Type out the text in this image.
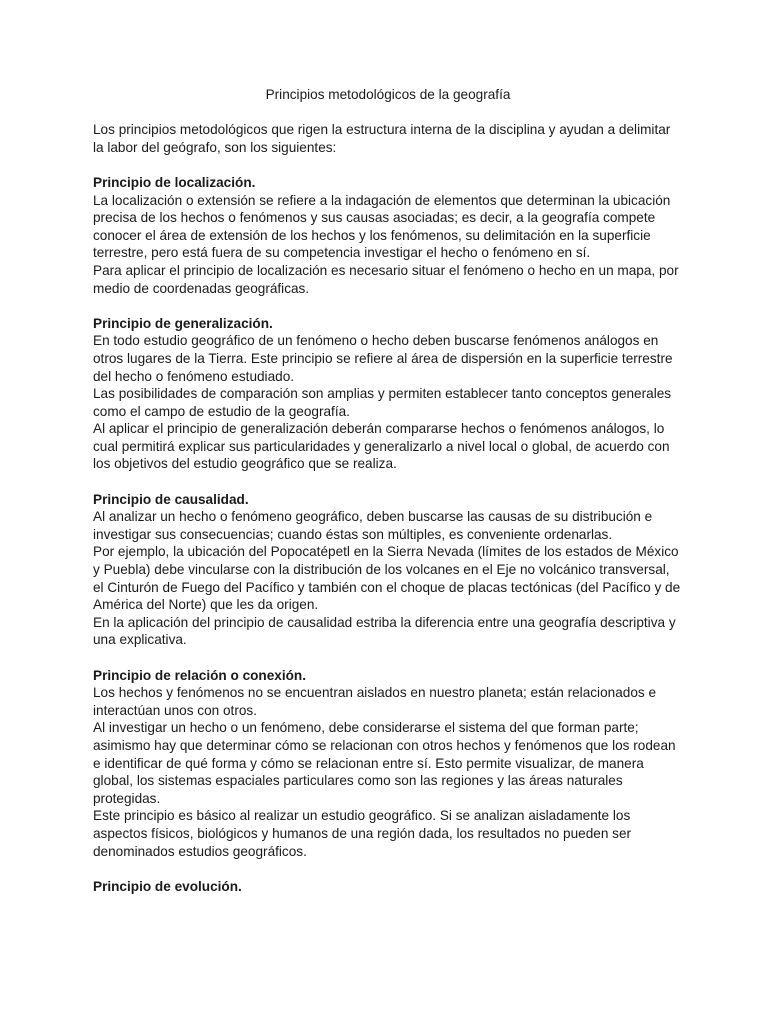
Principios metodológicos de la geografía
Los principios metodológicos que rigen la estructura interna de la disciplina y ayudan a delimitar la labor del geógrafo, son los siguientes:
Principio de localización.
La localización o extensión se refiere a la indagación de elementos que determinan la ubicación precisa de los hechos o fenómenos y sus causas asociadas; es decir, a la geografía compete conocer el área de extensión de los hechos y los fenómenos, su delimitación en la superficie terrestre, pero está fuera de su competencia investigar el hecho o fenómeno en sí.
Para aplicar el principio de localización es necesario situar el fenómeno o hecho en un mapa, por medio de coordenadas geográficas.
Principio de generalización.
En todo estudio geográfico de un fenómeno o hecho deben buscarse fenómenos análogos en otros lugares de la Tierra. Este principio se refiere al área de dispersión en la superficie terrestre del hecho o fenómeno estudiado.
Las posibilidades de comparación son amplias y permiten establecer tanto conceptos generales como el campo de estudio de la geografía.
Al aplicar el principio de generalización deberán compararse hechos o fenómenos análogos, lo cual permitirá explicar sus particularidades y generalizarlo a nivel local o global, de acuerdo con los objetivos del estudio geográfico que se realiza.
Principio de causalidad.
Al analizar un hecho o fenómeno geográfico, deben buscarse las causas de su distribución e investigar sus consecuencias; cuando éstas son múltiples, es conveniente ordenarlas.
Por ejemplo, la ubicación del Popocatépetl en la Sierra Nevada (límites de los estados de México y Puebla) debe vincularse con la distribución de los volcanes en el Eje no volcánico transversal, el Cinturón de Fuego del Pacífico y también con el choque de placas tectónicas (del Pacífico y de América del Norte) que les da origen.
En la aplicación del principio de causalidad estriba la diferencia entre una geografía descriptiva y una explicativa.
Principio de relación o conexión.
Los hechos y fenómenos no se encuentran aislados en nuestro planeta; están relacionados e interactúan unos con otros.
Al investigar un hecho o un fenómeno, debe considerarse el sistema del que forman parte; asimismo hay que determinar cómo se relacionan con otros hechos y fenómenos que los rodean e identificar de qué forma y cómo se relacionan entre sí. Esto permite visualizar, de manera global, los sistemas espaciales particulares como son las regiones y las áreas naturales protegidas.
Este principio es básico al realizar un estudio geográfico. Si se analizan aisladamente los aspectos físicos, biológicos y humanos de una región dada, los resultados no pueden ser denominados estudios geográficos.
Principio de evolución.
